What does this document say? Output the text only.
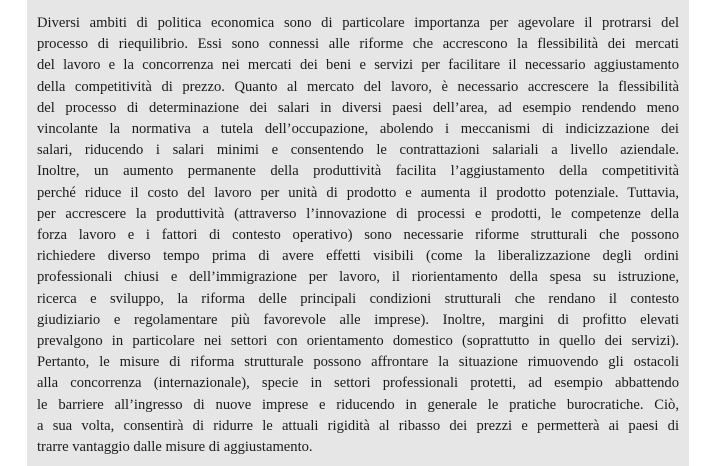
Diversi ambiti di politica economica sono di particolare importanza per agevolare il protrarsi del
processo di riequilibrio. Essi sono connessi alle riforme che accrescono la flessibilità dei mercati
del lavoro e la concorrenza nei mercati dei beni e servizi per facilitare il necessario aggiustamento
della competitività di prezzo. Quanto al mercato del lavoro, è necessario accrescere la flessibilità
del processo di determinazione dei salari in diversi paesi dell’area, ad esempio rendendo meno
vincolante la normativa a tutela dell’occupazione, abolendo i meccanismi di indicizzazione dei
salari, riducendo i salari minimi e consentendo le contrattazioni salariali a livello aziendale.
Inoltre, un aumento permanente della produttività facilita l’aggiustamento della competitività
perché riduce il costo del lavoro per unità di prodotto e aumenta il prodotto potenziale. Tuttavia,
per accrescere la produttività (attraverso l’innovazione di processi e prodotti, le competenze della
forza lavoro e i fattori di contesto operativo) sono necessarie riforme strutturali che possono
richiedere diverso tempo prima di avere effetti visibili (come la liberalizzazione degli ordini
professionali chiusi e dell’immigrazione per lavoro, il riorientamento della spesa su istruzione,
ricerca e sviluppo, la riforma delle principali condizioni strutturali che rendano il contesto
giudiziario e regolamentare più favorevole alle imprese). Inoltre, margini di profitto elevati
prevalgono in particolare nei settori con orientamento domestico (soprattutto in quello dei servizi).
Pertanto, le misure di riforma strutturale possono affrontare la situazione rimuovendo gli ostacoli
alla concorrenza (internazionale), specie in settori professionali protetti, ad esempio abbattendo
le barriere all’ingresso di nuove imprese e riducendo in generale le pratiche burocratiche. Ciò,
a sua volta, consentirà di ridurre le attuali rigidità al ribasso dei prezzi e permetterà ai paesi di
trarre vantaggio dalle misure di aggiustamento.
